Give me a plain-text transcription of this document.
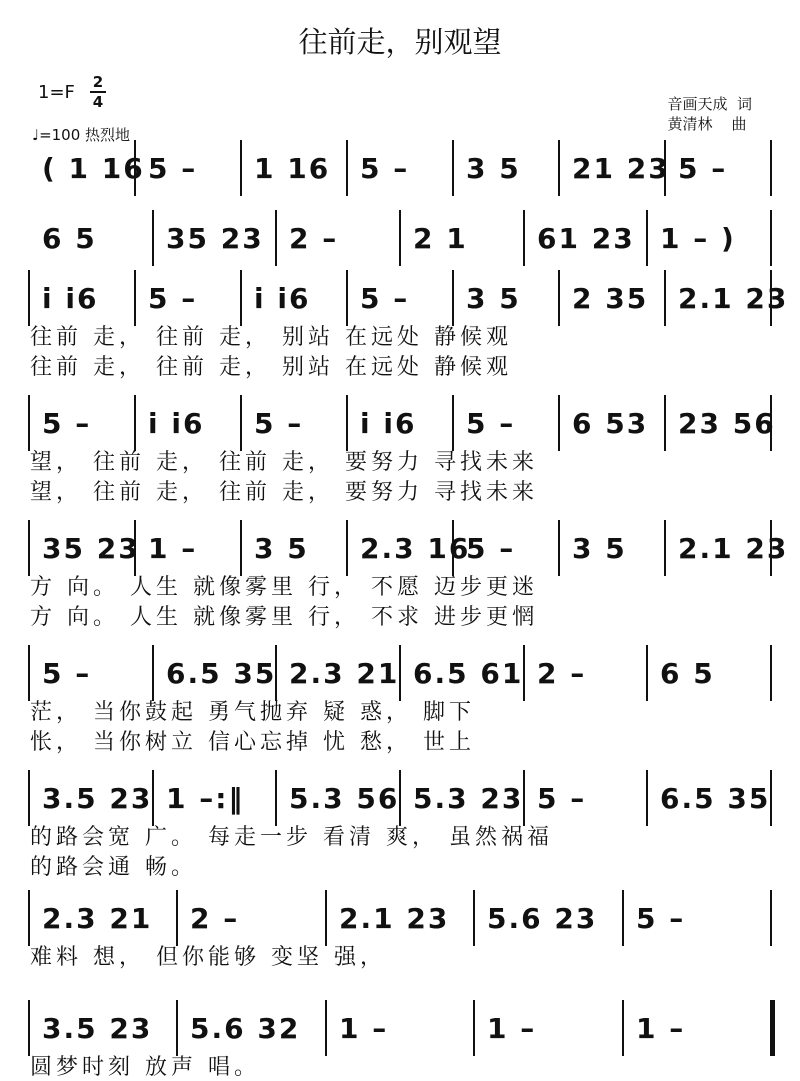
往前走，别观望
1=F	2
4
♩=100 热烈地
音画天成  词
黄清林    曲
( 1 16 5 – 1 16 5 – 3 5 21 23 5 –
6 5 35 23 2 –	2 1 61 23 1 – )
i i6 5 – i i6 5 – 3 5 2 35 2.1 23
往前 走， 往前 走， 别站 在远处 静候观
往前 走， 往前 走， 别站 在远处 静候观
5 – i i6 5 – i i6 5 – 6 53 23 56
望， 往前 走， 往前 走， 要努力 寻找未来
望， 往前 走， 往前 走， 要努力 寻找未来
35 23 1 – 3 5 2.3 16
5 – 3 5 2.1 23
方 向。 人生 就像雾里 行， 不愿 迈步更迷
方 向。 人生 就像雾里 行， 不求 进步更惘
5 –	6.5 35 2.3 21 6.5 61 2 –	6 5
茫， 当你鼓起 勇气抛弃 疑 惑， 脚下
怅， 当你树立 信心忘掉 忧 愁， 世上
3.5 23 1 –:‖ 5.3 56 5.3 23 5 –	6.5 35
的路会宽 广。 每走一步 看清 爽， 虽然祸福
的路会通 畅。
2.3 21 2 –	2.1 23 5.6 23 5 –
难料 想， 但你能够 变坚 强，
3.5 23 5.6 32 1 –	1 –	1 –
圆梦时刻 放声 唱。
